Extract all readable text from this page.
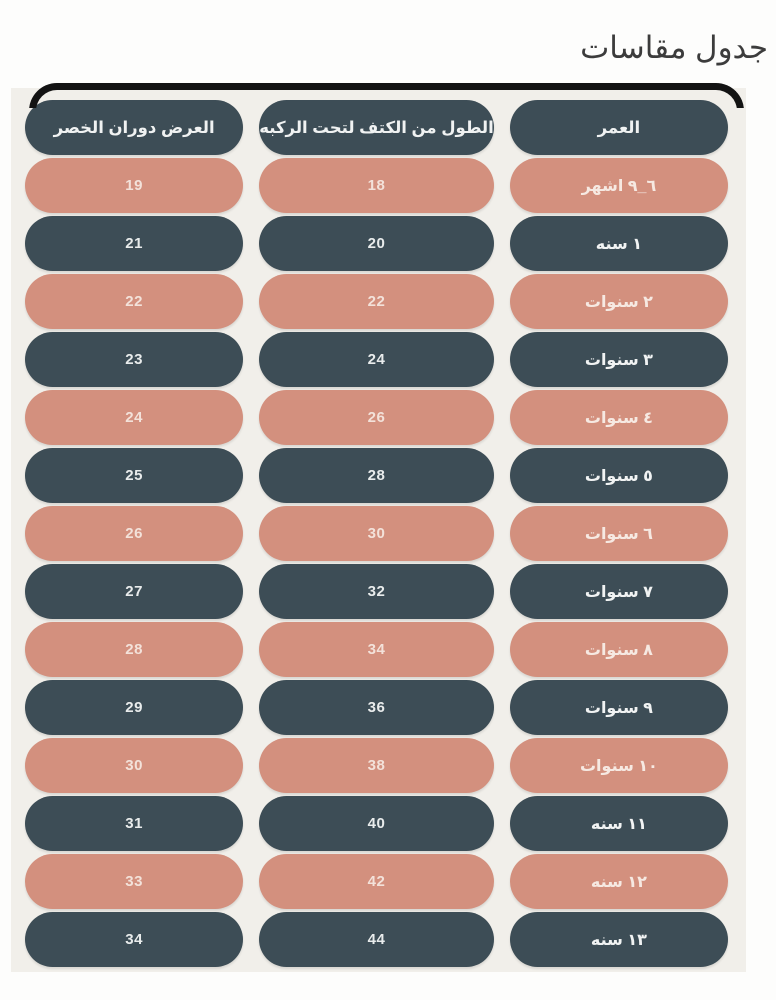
جدول مقاسات
العمر
الطول من الكتف لتحت الركبه
العرض دوران الخصر
٦_٩ اشهر
18
19
١ سنه
20
21
٢ سنوات
22
22
٣ سنوات
24
23
٤ سنوات
26
24
٥ سنوات
28
25
٦ سنوات
30
26
٧ سنوات
32
27
٨ سنوات
34
28
٩ سنوات
36
29
١٠ سنوات
38
30
١١ سنه
40
31
١٢ سنه
42
33
١٣ سنه
44
34
